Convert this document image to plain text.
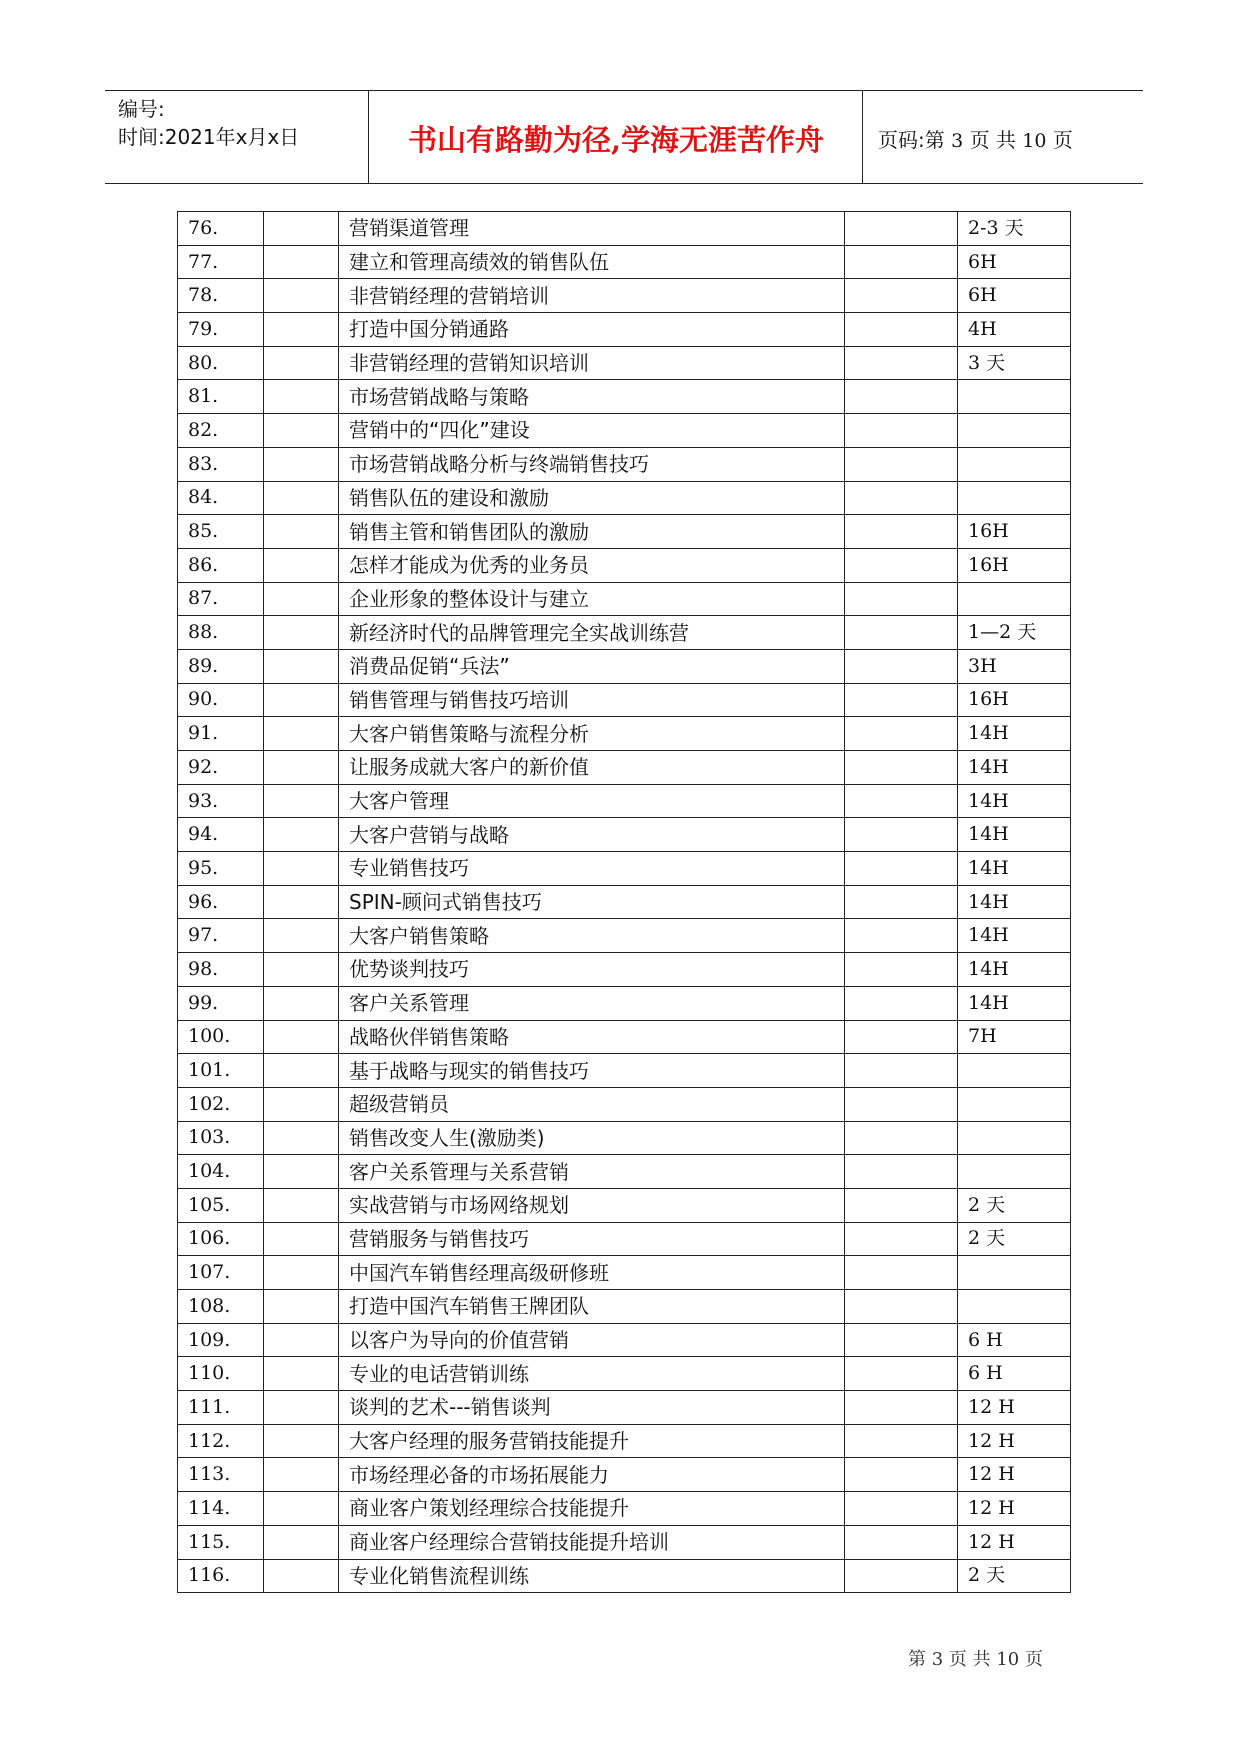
编号:
时间:2021年x月x日	书山有路勤为径,学海无涯苦作舟	页码:第 3 页 共 10 页
76.		营销渠道管理		2-3 天
77.		建立和管理高绩效的销售队伍		6H
78.		非营销经理的营销培训		6H
79.		打造中国分销通路		4H
80.		非营销经理的营销知识培训		3 天
81.		市场营销战略与策略		
82.		营销中的“四化”建设		
83.		市场营销战略分析与终端销售技巧		
84.		销售队伍的建设和激励		
85.		销售主管和销售团队的激励		16H
86.		怎样才能成为优秀的业务员		16H
87.		企业形象的整体设计与建立		
88.		新经济时代的品牌管理完全实战训练营		1—2 天
89.		消费品促销“兵法”		3H
90.		销售管理与销售技巧培训		16H
91.		大客户销售策略与流程分析		14H
92.		让服务成就大客户的新价值		14H
93.		大客户管理		14H
94.		大客户营销与战略		14H
95.		专业销售技巧		14H
96.		SPIN-顾问式销售技巧		14H
97.		大客户销售策略		14H
98.		优势谈判技巧		14H
99.		客户关系管理		14H
100.		战略伙伴销售策略		7H
101.		基于战略与现实的销售技巧		
102.		超级营销员		
103.		销售改变人生(激励类)		
104.		客户关系管理与关系营销		
105.		实战营销与市场网络规划		2 天
106.		营销服务与销售技巧		2 天
107.		中国汽车销售经理高级研修班		
108.		打造中国汽车销售王牌团队		
109.		以客户为导向的价值营销		6 H
110.		专业的电话营销训练		6 H
111.		谈判的艺术---销售谈判		12 H
112.		大客户经理的服务营销技能提升		12 H
113.		市场经理必备的市场拓展能力		12 H
114.		商业客户策划经理综合技能提升		12 H
115.		商业客户经理综合营销技能提升培训		12 H
116.		专业化销售流程训练		2 天
第 3 页 共 10 页
